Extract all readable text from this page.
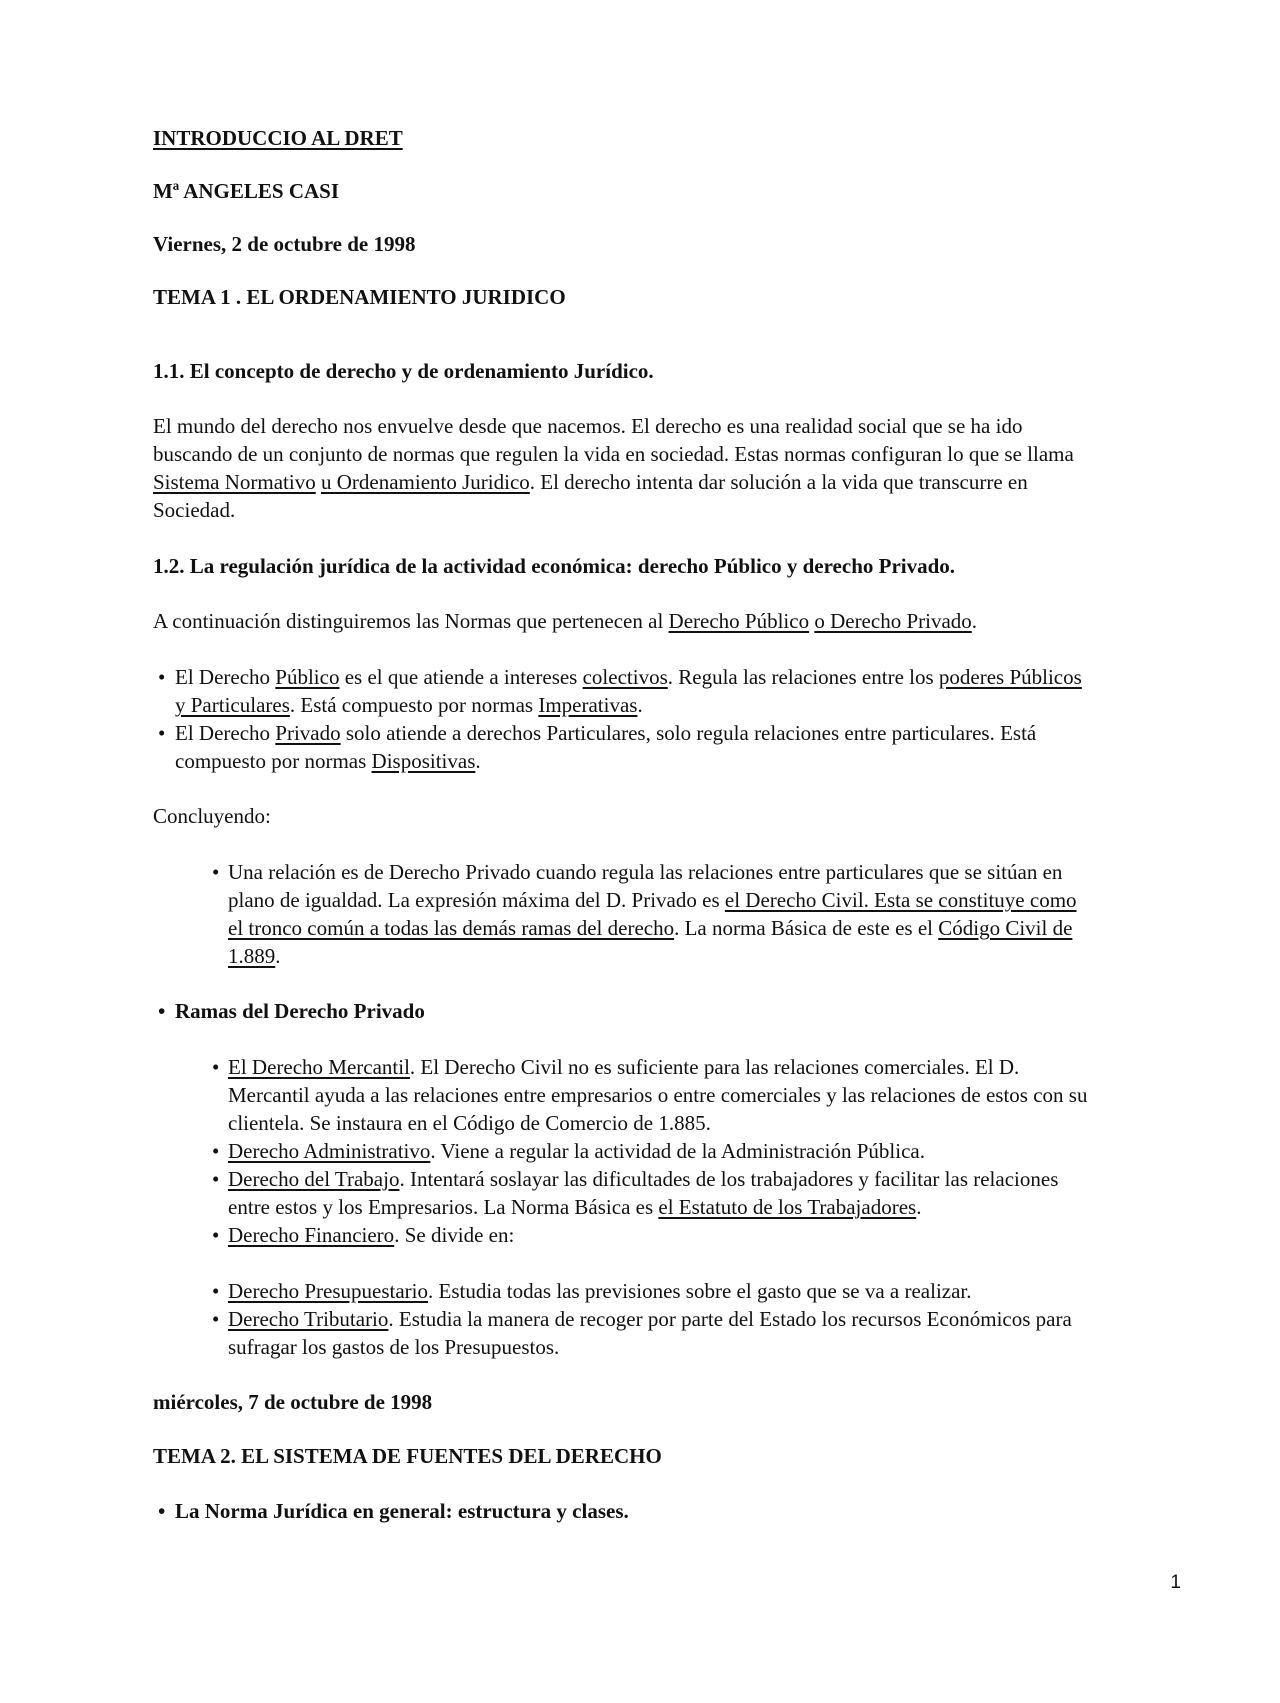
INTRODUCCIO AL DRET
Mª ANGELES CASI
Viernes, 2 de octubre de 1998
TEMA 1 . EL ORDENAMIENTO JURIDICO
1.1. El concepto de derecho y de ordenamiento Jurídico.
El mundo del derecho nos envuelve desde que nacemos. El derecho es una realidad social que se ha ido
buscando de un conjunto de normas que regulen la vida en sociedad. Estas normas configuran lo que se llama
Sistema Normativo u Ordenamiento Juridico. El derecho intenta dar solución a la vida que transcurre en
Sociedad.
1.2. La regulación jurídica de la actividad económica: derecho Público y derecho Privado.
A continuación distinguiremos las Normas que pertenecen al Derecho Público o Derecho Privado.
• El Derecho Público es el que atiende a intereses colectivos. Regula las relaciones entre los poderes Públicos
y Particulares. Está compuesto por normas Imperativas.
• El Derecho Privado solo atiende a derechos Particulares, solo regula relaciones entre particulares. Está
compuesto por normas Dispositivas.
Concluyendo:
• Una relación es de Derecho Privado cuando regula las relaciones entre particulares que se sitúan en
plano de igualdad. La expresión máxima del D. Privado es el Derecho Civil. Esta se constituye como
el tronco común a todas las demás ramas del derecho. La norma Básica de este es el Código Civil de
1.889.
• Ramas del Derecho Privado
• El Derecho Mercantil. El Derecho Civil no es suficiente para las relaciones comerciales. El D.
Mercantil ayuda a las relaciones entre empresarios o entre comerciales y las relaciones de estos con su
clientela. Se instaura en el Código de Comercio de 1.885.
• Derecho Administrativo. Viene a regular la actividad de la Administración Pública.
• Derecho del Trabajo. Intentará soslayar las dificultades de los trabajadores y facilitar las relaciones
entre estos y los Empresarios. La Norma Básica es el Estatuto de los Trabajadores.
• Derecho Financiero. Se divide en:
• Derecho Presupuestario. Estudia todas las previsiones sobre el gasto que se va a realizar.
• Derecho Tributario. Estudia la manera de recoger por parte del Estado los recursos Económicos para
sufragar los gastos de los Presupuestos.
miércoles, 7 de octubre de 1998
TEMA 2. EL SISTEMA DE FUENTES DEL DERECHO
• La Norma Jurídica en general: estructura y clases.
1
